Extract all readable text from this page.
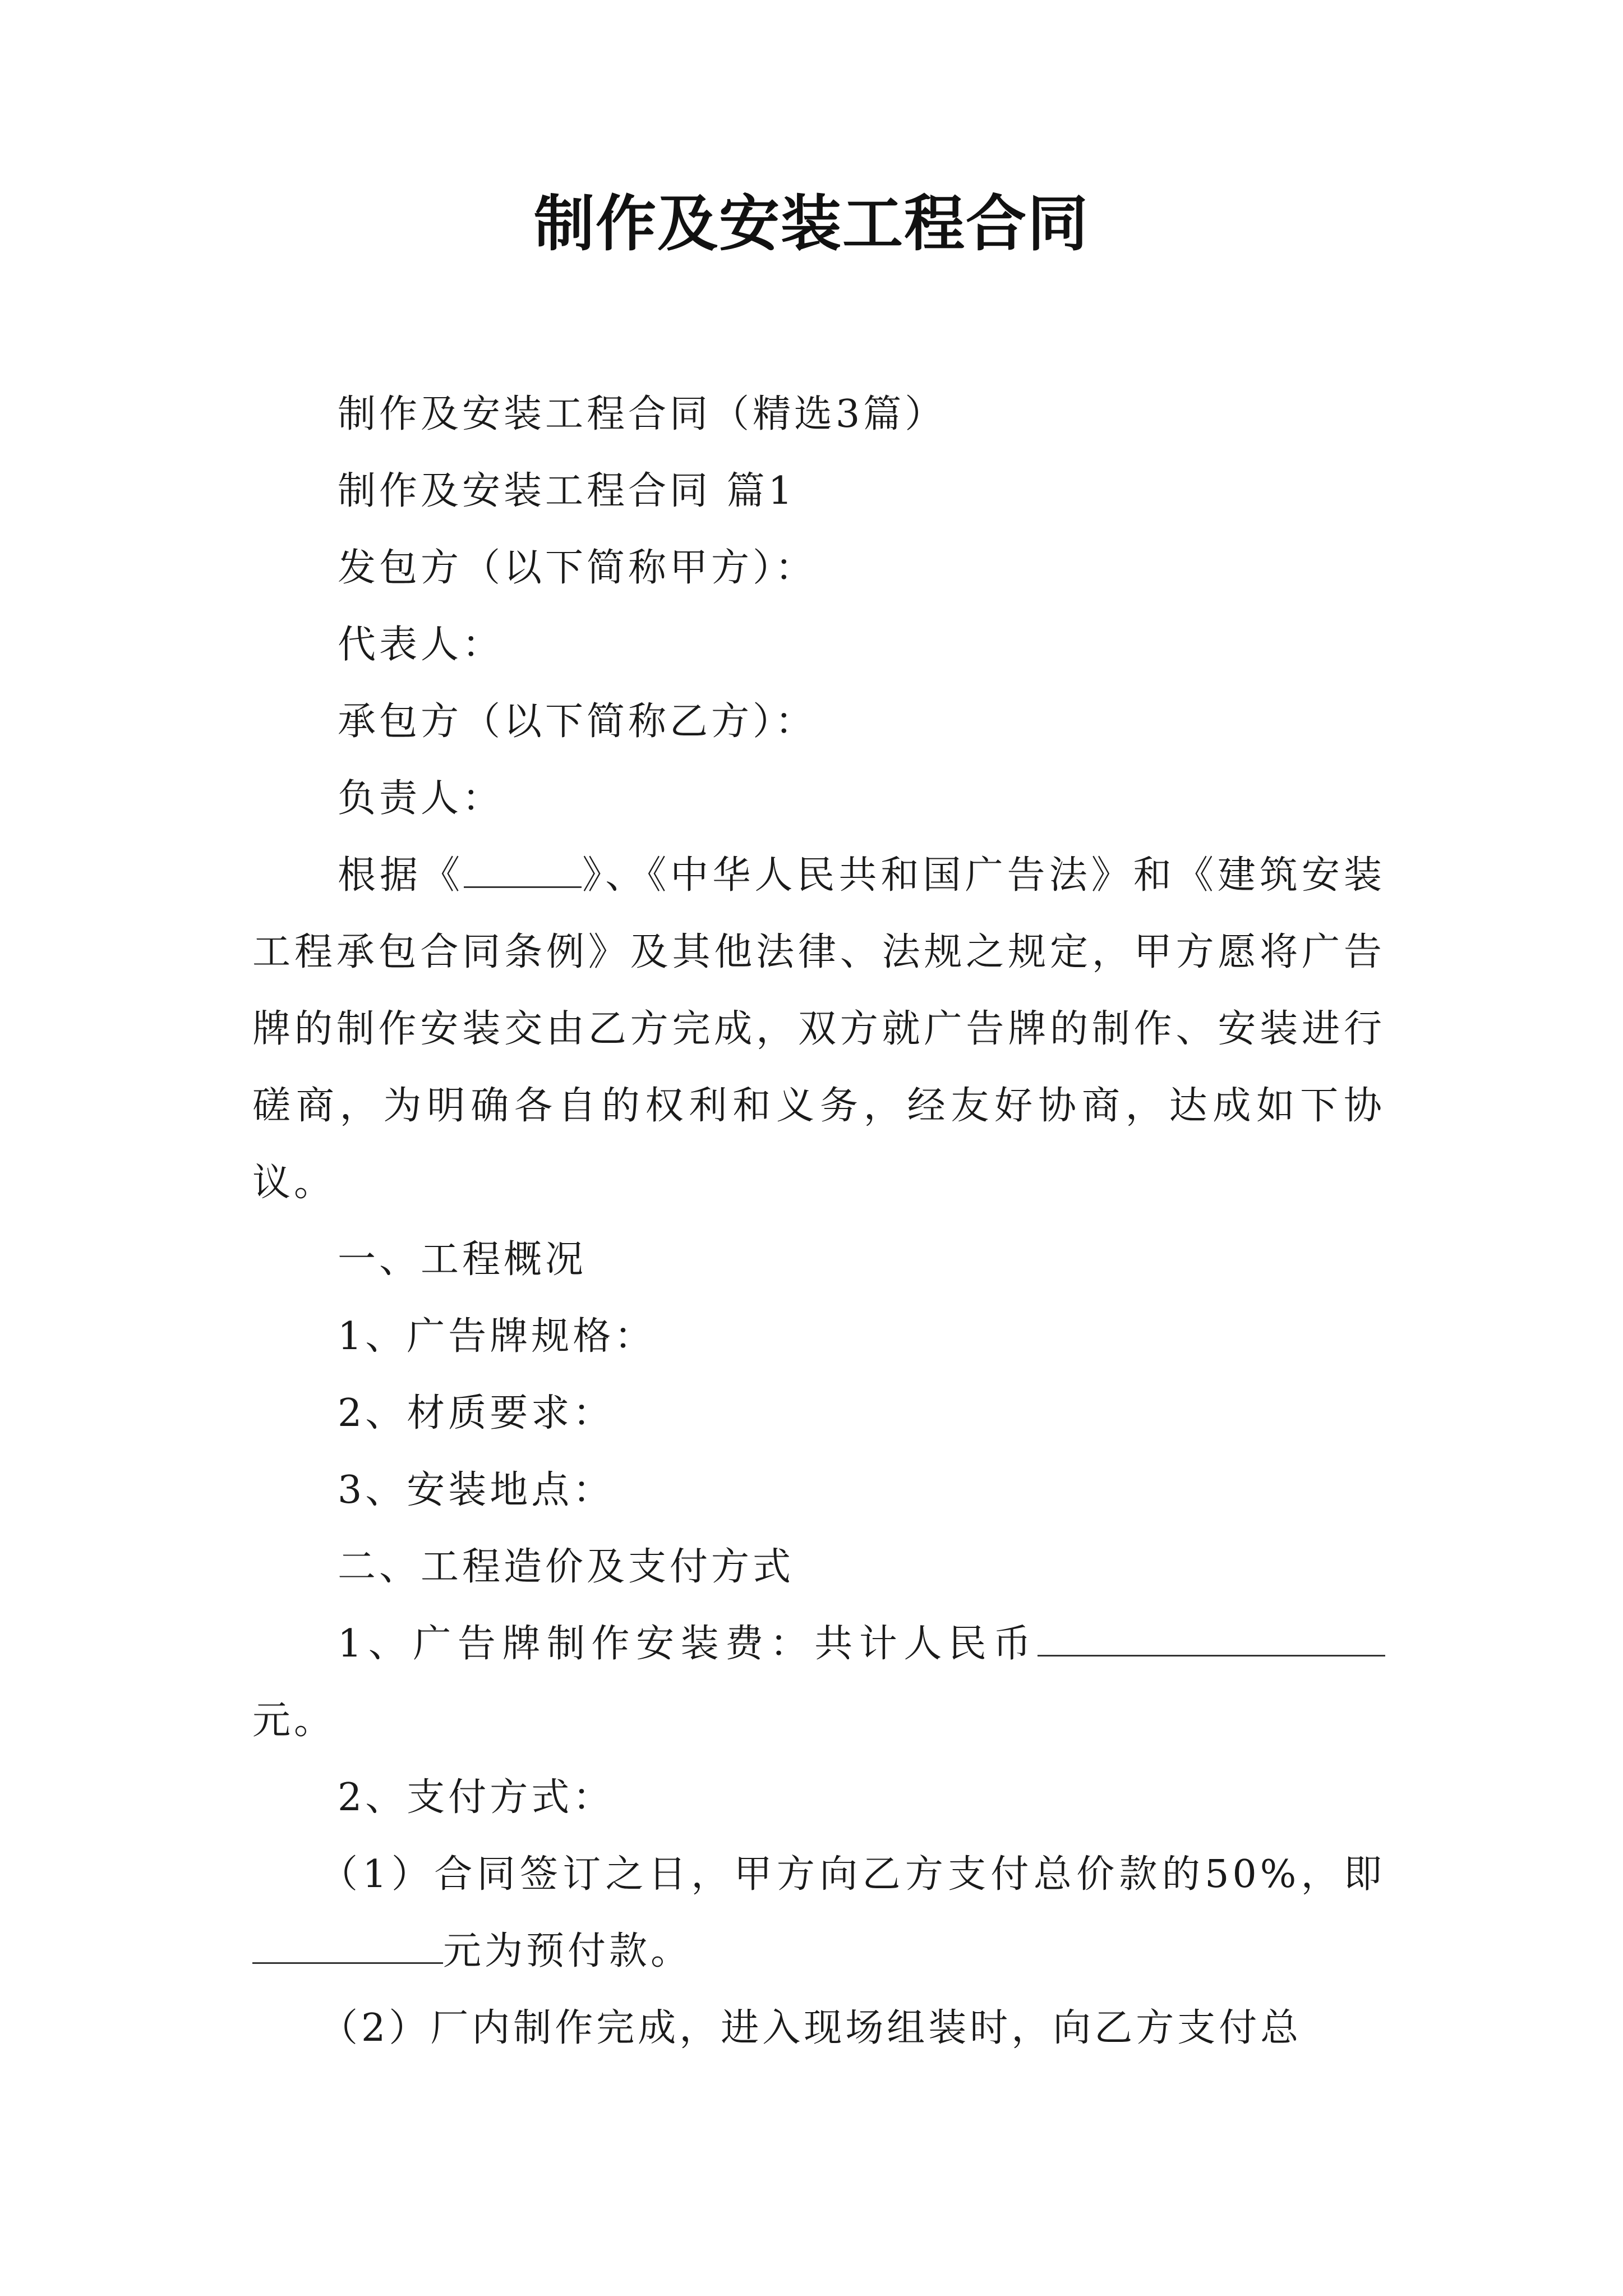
制作及安装工程合同

制作及安装工程合同（精选3篇）

制作及安装工程合同 篇1

发包方（以下简称甲方）：

代表人：

承包方（以下简称乙方）：

负责人：

根据《	》、《中华人民共和国广告法》和《建筑安装工程承包合同条例》及其他法律、法规之规定，甲方愿将广告牌的制作安装交由乙方完成，双方就广告牌的制作、安装进行磋商，为明确各自的权利和义务，经友好协商，达成如下协议。

一、工程概况

1、广告牌规格：

2、材质要求：

3、安装地点：

二、工程造价及支付方式

1、广告牌制作安装费：共计人民币元。

2、支付方式：

（1）合同签订之日，甲方向乙方支付总价款的50%，即元为预付款。

（2）厂内制作完成，进入现场组装时，向乙方支付总
